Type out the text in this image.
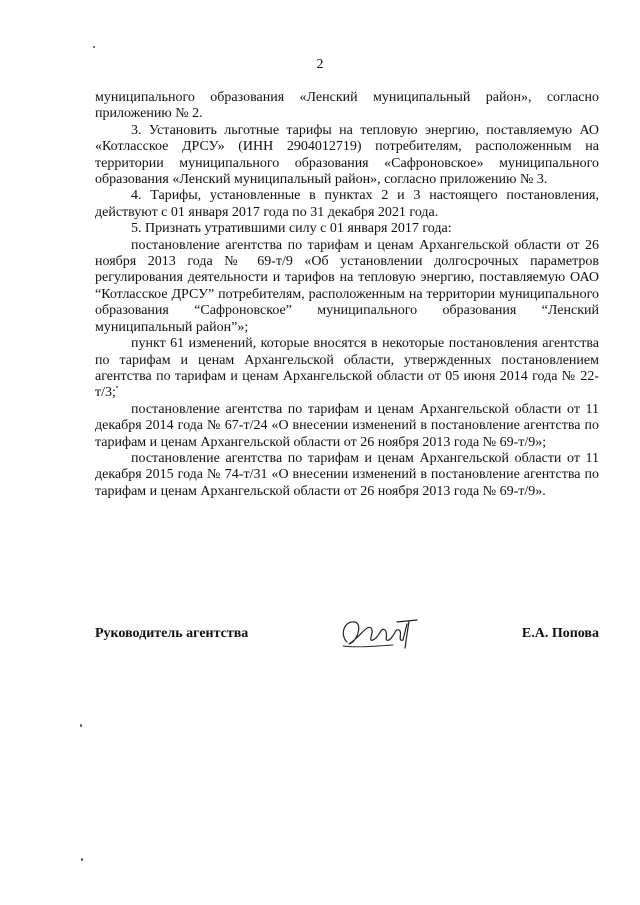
2

муниципального образования «Ленский муниципальный район», согласно приложению № 2.

3. Установить льготные тарифы на тепловую энергию, поставляемую АО «Котласское ДРСУ» (ИНН 2904012719) потребителям, расположенным на территории муниципального образования «Сафроновское» муниципального образования «Ленский муниципальный район», согласно приложению № 3.

4. Тарифы, установленные в пунктах 2 и 3 настоящего постановления, действуют с 01 января 2017 года по 31 декабря 2021 года.

5. Признать утратившими силу с 01 января 2017 года:

постановление агентства по тарифам и ценам Архангельской области от 26 ноября 2013 года № 69-т/9 «Об установлении долгосрочных параметров регулирования деятельности и тарифов на тепловую энергию, поставляемую ОАО “Котласское ДРСУ” потребителям, расположенным на территории муниципального образования “Сафроновское” муниципального образования “Ленский муниципальный район”»;

пункт 61 изменений, которые вносятся в некоторые постановления агентства по тарифам и ценам Архангельской области, утвержденных постановлением агентства по тарифам и ценам Архангельской области от 05 июня 2014 года № 22-т/3;

постановление агентства по тарифам и ценам Архангельской области от 11 декабря 2014 года № 67-т/24 «О внесении изменений в постановление агентства по тарифам и ценам Архангельской области от 26 ноября 2013 года № 69-т/9»;

постановление агентства по тарифам и ценам Архангельской области от 11 декабря 2015 года № 74-т/31 «О внесении изменений в постановление агентства по тарифам и ценам Архангельской области от 26 ноября 2013 года № 69-т/9».

Руководитель агентства	Е.А. Попова
